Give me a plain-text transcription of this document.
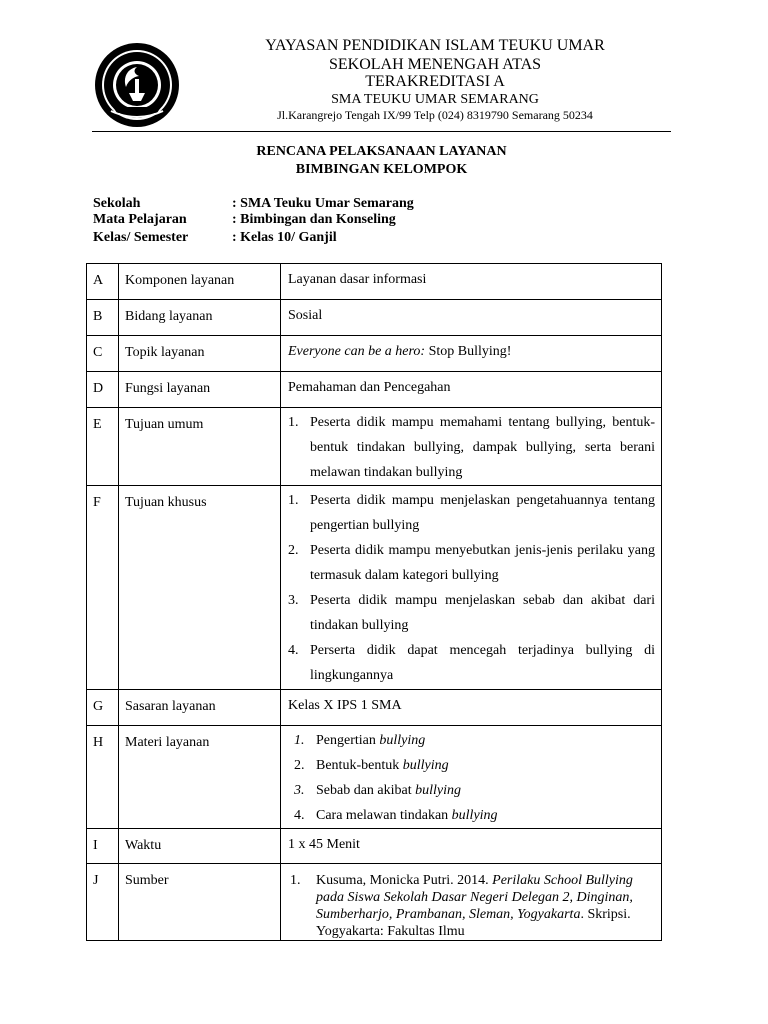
YAYASAN PENDIDIKAN ISLAM TEUKU UMAR
SEKOLAH MENENGAH ATAS
TERAKREDITASI A
SMA TEUKU UMAR SEMARANG
Jl.Karangrejo Tengah IX/99 Telp (024) 8319790 Semarang 50234
RENCANA PELAKSANAAN LAYANAN
BIMBINGAN KELOMPOK
Sekolah	: SMA Teuku Umar Semarang
Mata Pelajaran	: Bimbingan dan Konseling
Kelas/ Semester	: Kelas 10/ Ganjil
A	Komponen layanan	Layanan dasar informasi
B	Bidang layanan	Sosial
C	Topik layanan	Everyone can be a hero: Stop Bullying!
D	Fungsi layanan	Pemahaman dan Pencegahan
E	Tujuan umum	1. Peserta didik mampu memahami tentang bullying, bentuk-bentuk tindakan bullying, dampak bullying, serta berani melawan tindakan bullying

F	Tujuan khusus	1. Peserta didik mampu menjelaskan pengetahuannya tentang pengertian bullying
2. Peserta didik mampu menyebutkan jenis-jenis perilaku yang termasuk dalam kategori bullying
3. Peserta didik mampu menjelaskan sebab dan akibat dari tindakan bullying
4. Perserta didik dapat mencegah terjadinya bullying di lingkungannya

G	Sasaran layanan	Kelas X IPS 1 SMA
H	Materi layanan	1. Pengertian bullying
2. Bentuk-bentuk bullying
3. Sebab dan akibat bullying
4. Cara melawan tindakan bullying

I	Waktu	1 x 45 Menit
J	Sumber	1. Kusuma, Monicka Putri. 2014. Perilaku School Bullying pada Siswa Sekolah Dasar Negeri Delegan 2, Dinginan, Sumberharjo, Prambanan, Sleman, Yogyakarta. Skripsi. Yogyakarta: Fakultas Ilmu
